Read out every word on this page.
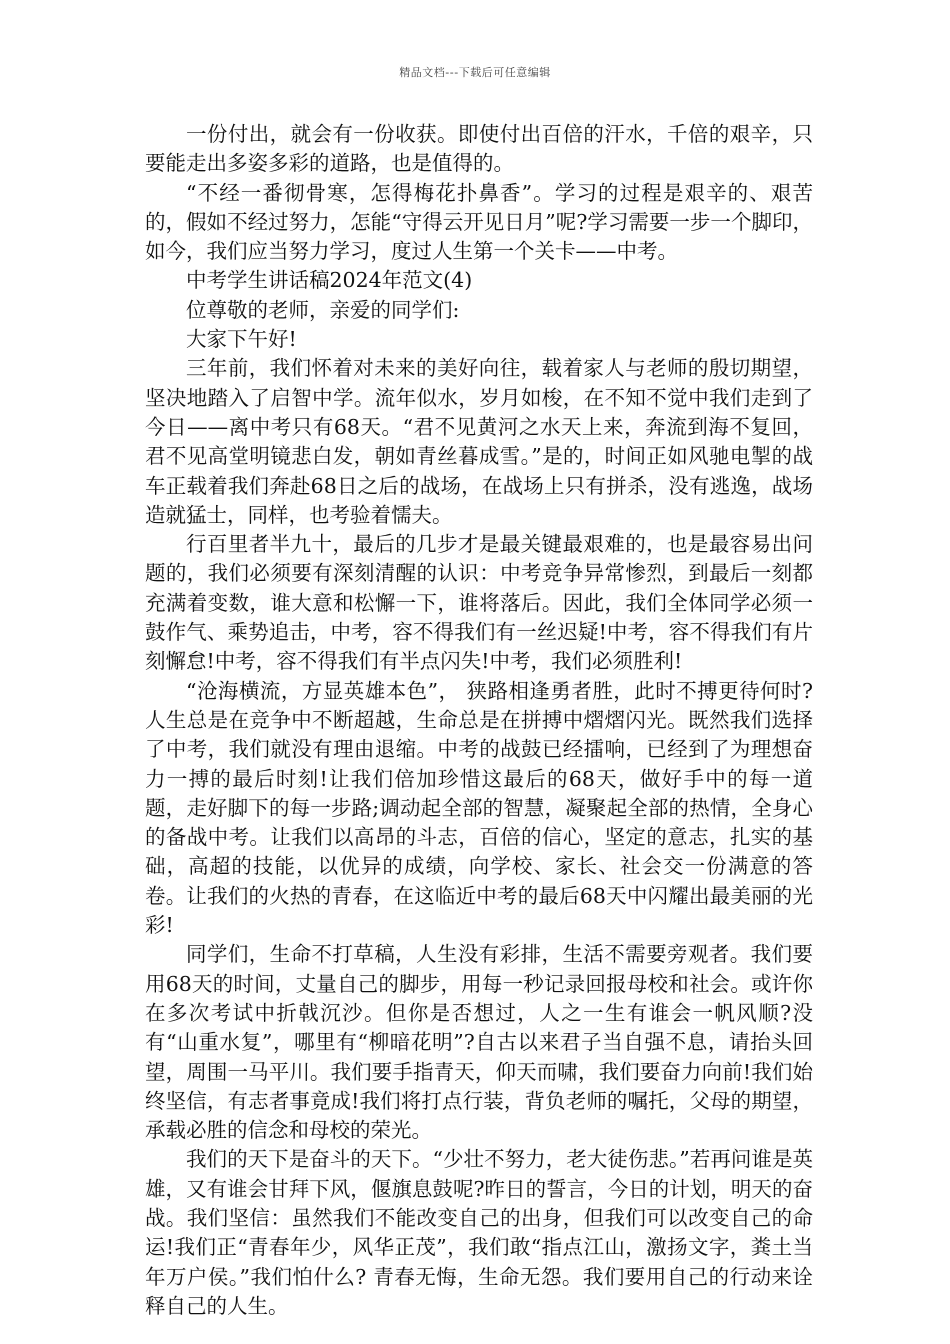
精品文档---下载后可任意编辑

一份付出，就会有一份收获。即使付出百倍的汗水，千倍的艰辛，只要能走出多姿多彩的道路，也是值得的。

“不经一番彻骨寒，怎得梅花扑鼻香”。学习的过程是艰辛的、艰苦的，假如不经过努力，怎能“守得云开见日月”呢?学习需要一步一个脚印，如今，我们应当努力学习，度过人生第一个关卡——中考。

中考学生讲话稿2024年范文(4)

位尊敬的老师，亲爱的同学们:

大家下午好!

三年前，我们怀着对未来的美好向往，载着家人与老师的殷切期望，坚决地踏入了启智中学。流年似水，岁月如梭，在不知不觉中我们走到了今日——离中考只有68天。“君不见黄河之水天上来，奔流到海不复回，君不见高堂明镜悲白发，朝如青丝暮成雪。”是的，时间正如风驰电掣的战车正载着我们奔赴68日之后的战场，在战场上只有拼杀，没有逃逸，战场造就猛士，同样，也考验着懦夫。

行百里者半九十，最后的几步才是最关键最艰难的，也是最容易出问题的，我们必须要有深刻清醒的认识：中考竞争异常惨烈，到最后一刻都充满着变数，谁大意和松懈一下，谁将落后。因此，我们全体同学必须一鼓作气、乘势追击，中考，容不得我们有一丝迟疑!中考，容不得我们有片刻懈怠!中考，容不得我们有半点闪失!中考，我们必须胜利!

“沧海横流，方显英雄本色”， 狭路相逢勇者胜，此时不搏更待何时?人生总是在竞争中不断超越，生命总是在拼搏中熠熠闪光。既然我们选择了中考，我们就没有理由退缩。中考的战鼓已经擂响，已经到了为理想奋力一搏的最后时刻!让我们倍加珍惜这最后的68天，做好手中的每一道题，走好脚下的每一步路;调动起全部的智慧，凝聚起全部的热情，全身心的备战中考。让我们以高昂的斗志，百倍的信心，坚定的意志，扎实的基础，高超的技能，以优异的成绩，向学校、家长、社会交一份满意的答卷。让我们的火热的青春，在这临近中考的最后68天中闪耀出最美丽的光彩!

同学们，生命不打草稿，人生没有彩排，生活不需要旁观者。我们要用68天的时间，丈量自己的脚步，用每一秒记录回报母校和社会。或许你在多次考试中折戟沉沙。但你是否想过，人之一生有谁会一帆风顺?没有“山重水复”，哪里有“柳暗花明”?自古以来君子当自强不息，请抬头回望，周围一马平川。我们要手指青天，仰天而啸，我们要奋力向前!我们始终坚信，有志者事竟成!我们将打点行装，背负老师的嘱托，父母的期望，承载必胜的信念和母校的荣光。

我们的天下是奋斗的天下。“少壮不努力，老大徒伤悲。”若再问谁是英雄，又有谁会甘拜下风，偃旗息鼓呢?昨日的誓言，今日的计划，明天的奋战。我们坚信：虽然我们不能改变自己的出身，但我们可以改变自己的命运!我们正“青春年少，风华正茂”，我们敢“指点江山，激扬文字，粪土当年万户侯。”我们怕什么? 青春无悔，生命无怨。我们要用自己的行动来诠释自己的人生。
